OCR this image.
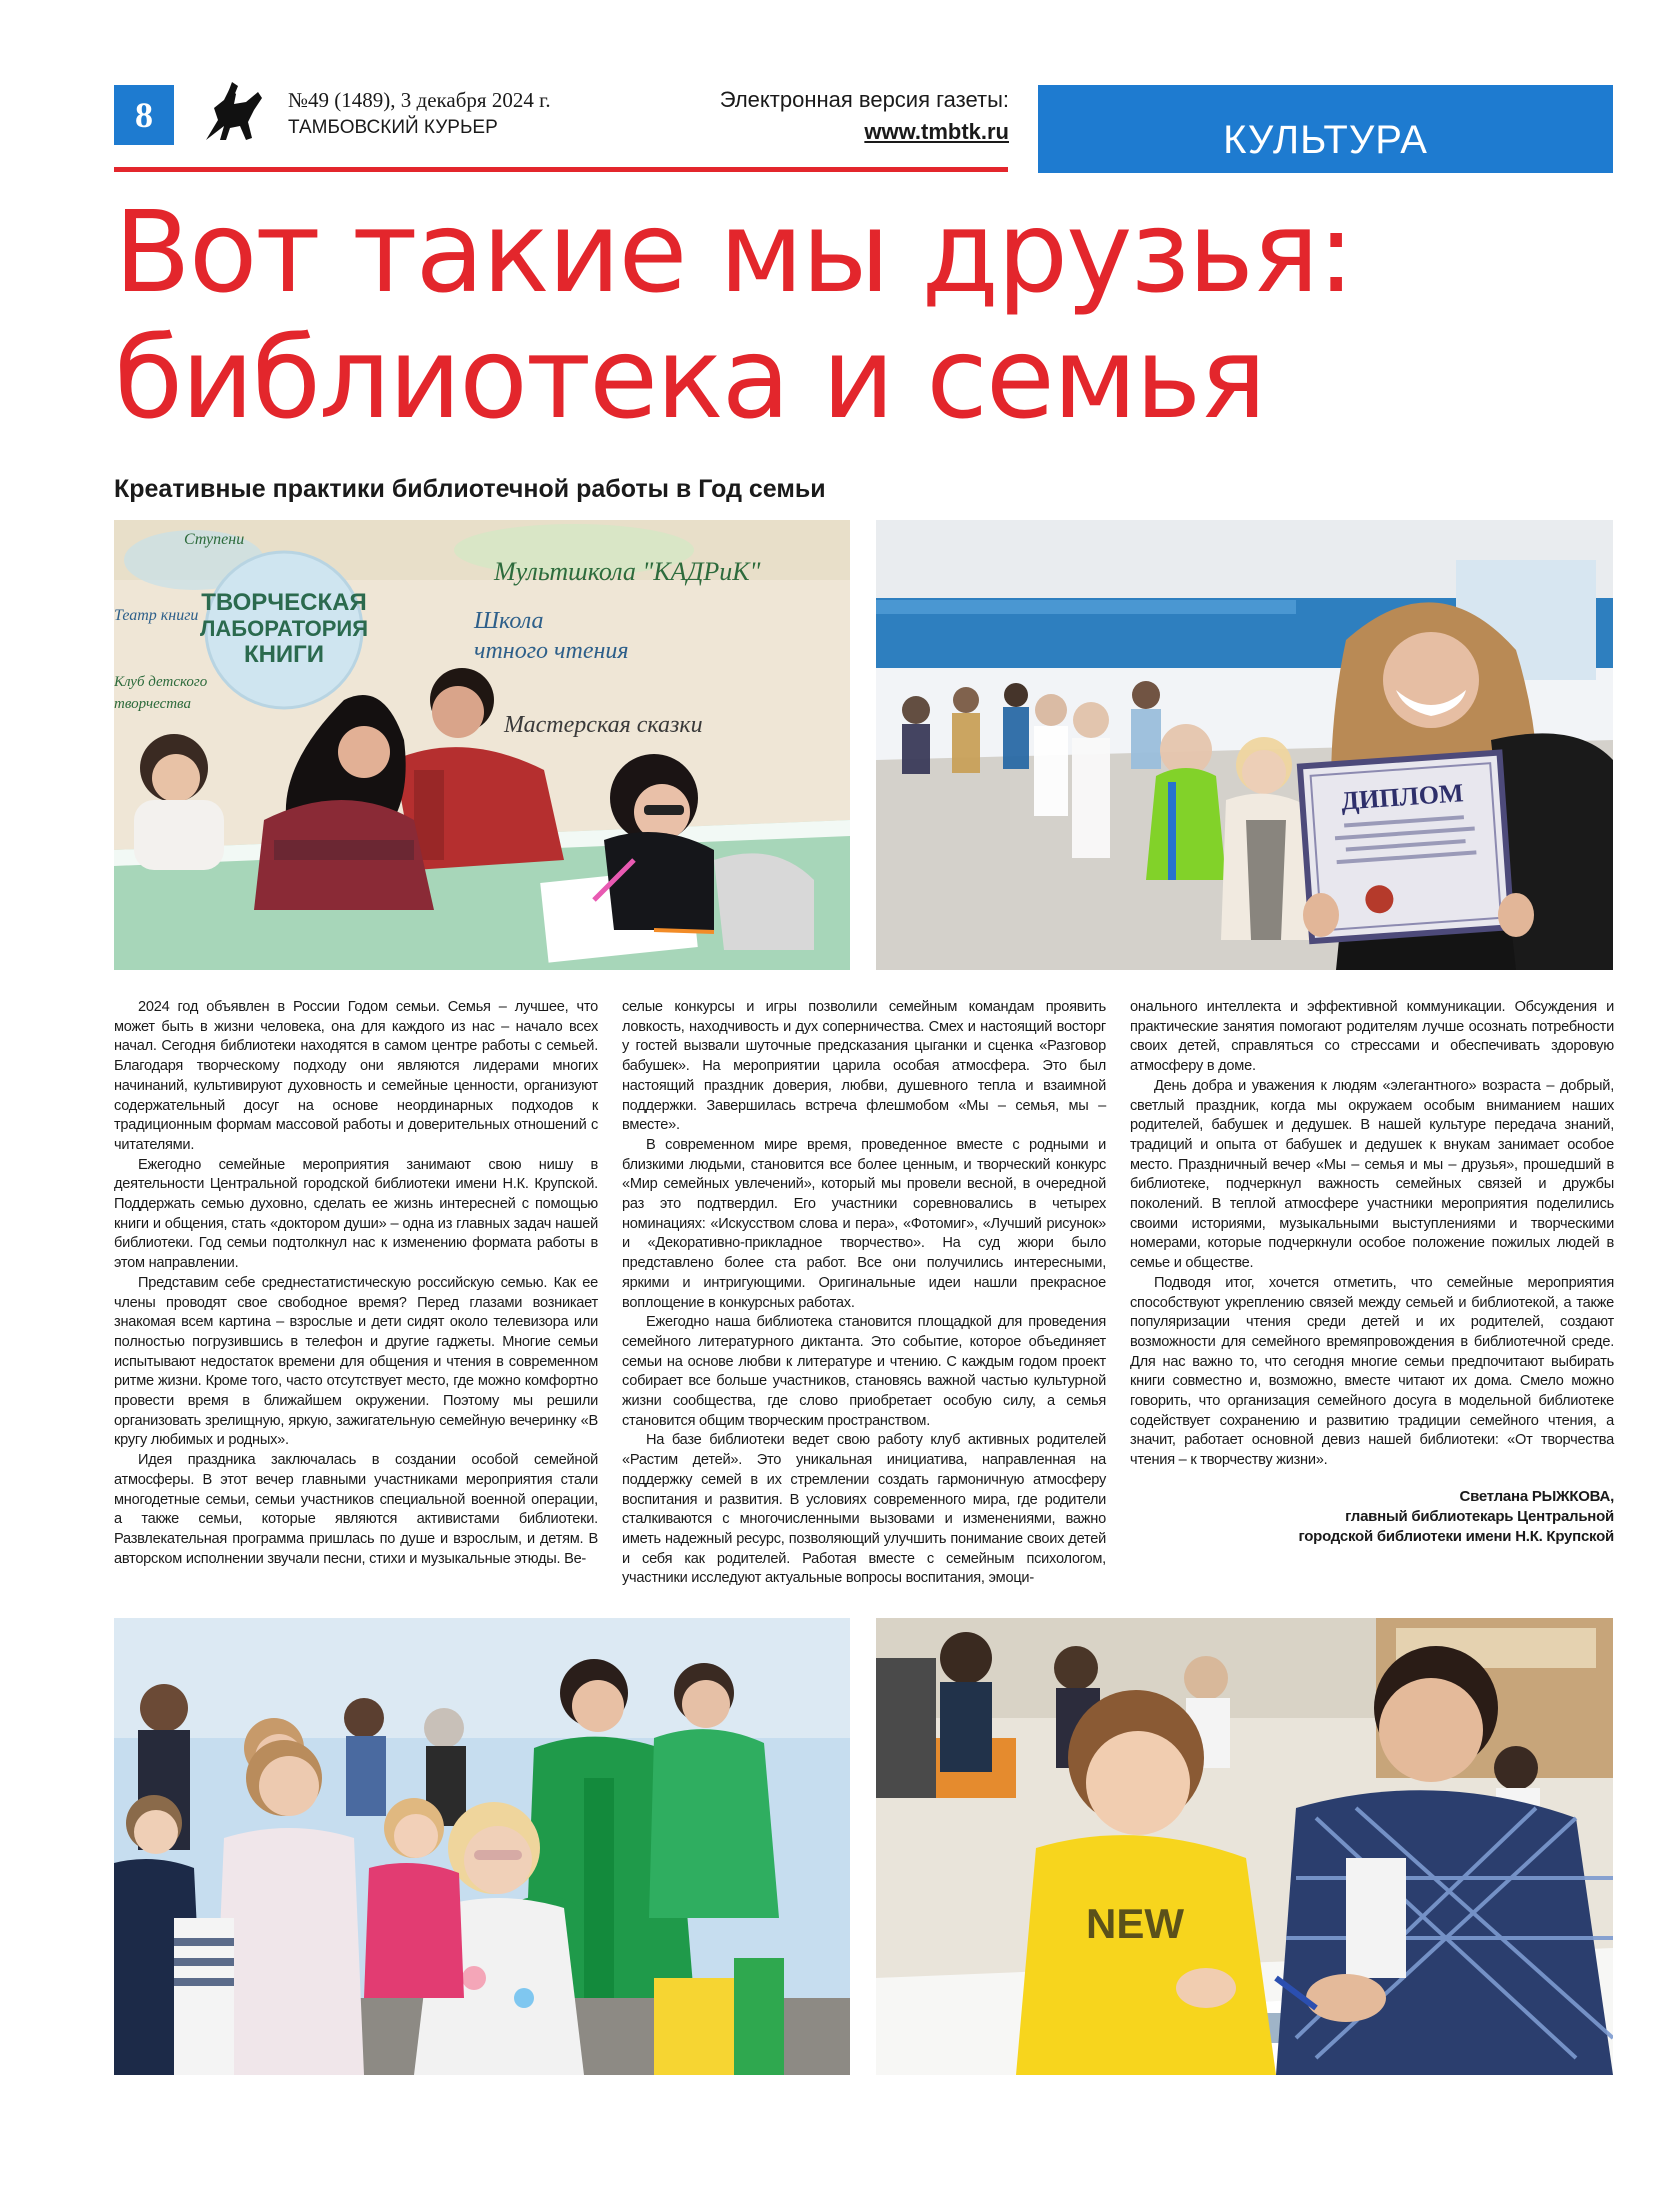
8	№49 (1489), 3 декабря 2024 г.
ТАМБОВСКИЙ КУРЬЕР
Электронная версия газеты:
www.tmbtk.ru	КУЛЬТУРА
Вот такие мы друзья:
библиотека и семья
Креативные практики библиотечной работы в Год семьи
ТВОРЧЕСКАЯ
ЛАБОРАТОРИЯ
КНИГИ
Мультшкола "КАДРиК"
Школа
чтного чтения
Мастерская сказки
Ступени
Театр книги
Клуб детского
творчества
ДИПЛОМ

2024 год объявлен в России Годом семьи. Семья – лучшее, что может быть в жизни человека, она для каждого из нас – начало всех начал. Сегодня библиотеки находятся в самом центре работы с семьей. Благодаря творческому подходу они являются лидерами многих начинаний, культивируют духовность и семейные ценности, организуют содержательный досуг на основе неординарных подходов к традиционным формам массовой работы и доверительных отношений с читателями.

Ежегодно семейные мероприятия занимают свою нишу в деятельности Центральной городской библиотеки имени Н.К. Крупской. Поддержать семью духовно, сделать ее жизнь интересней с помощью книги и общения, стать «доктором души» – одна из главных задач нашей библиотеки. Год семьи подтолкнул нас к изменению формата работы в этом направлении.

Представим себе среднестатистическую российскую семью. Как ее члены проводят свое свободное время? Перед глазами возникает знакомая всем картина – взрослые и дети сидят около телевизора или полностью погрузившись в телефон и другие гаджеты. Многие семьи испытывают недостаток времени для общения и чтения в современном ритме жизни. Кроме того, часто отсутствует место, где можно комфортно провести время в ближайшем окружении. Поэтому мы решили организовать зрелищную, яркую, зажигательную семейную вечеринку «В кругу любимых и родных».

Идея праздника заключалась в создании особой семейной атмосферы. В этот вечер главными участниками мероприятия стали многодетные семьи, семьи участников специальной военной операции, а также семьи, которые являются активистами библиотеки. Развлекательная программа пришлась по душе и взрослым, и детям. В авторском исполнении звучали песни, стихи и музыкальные этюды. Ве-

селые конкурсы и игры позволили семейным командам проявить ловкость, находчивость и дух соперничества. Смех и настоящий восторг у гостей вызвали шуточные предсказания цыганки и сценка «Разговор бабушек». На мероприятии царила особая атмосфера. Это был настоящий праздник доверия, любви, душевного тепла и взаимной поддержки. Завершилась встреча флешмобом «Мы – семья, мы – вместе».

В современном мире время, проведенное вместе с родными и близкими людьми, становится все более ценным, и творческий конкурс «Мир семейных увлечений», который мы провели весной, в очередной раз это подтвердил. Его участники соревновались в четырех номинациях: «Искусством слова и пера», «Фотомиг», «Лучший рисунок» и «Декоративно-прикладное творчество». На суд жюри было представлено более ста работ. Все они получились интересными, яркими и интригующими. Оригинальные идеи нашли прекрасное воплощение в конкурсных работах.

Ежегодно наша библиотека становится площадкой для проведения семейного литературного диктанта. Это событие, которое объединяет семьи на основе любви к литературе и чтению. С каждым годом проект собирает все больше участников, становясь важной частью культурной жизни сообщества, где слово приобретает особую силу, а семья становится общим творческим пространством.

На базе библиотеки ведет свою работу клуб активных родителей «Растим детей». Это уникальная инициатива, направленная на поддержку семей в их стремлении создать гармоничную атмосферу воспитания и развития. В условиях современного мира, где родители сталкиваются с многочисленными вызовами и изменениями, важно иметь надежный ресурс, позволяющий улучшить понимание своих детей и себя как родителей. Работая вместе с семейным психологом, участники исследуют актуальные вопросы воспитания, эмоци-

онального интеллекта и эффективной коммуникации. Обсуждения и практические занятия помогают родителям лучше осознать потребности своих детей, справляться со стрессами и обеспечивать здоровую атмосферу в доме.

День добра и уважения к людям «элегантного» возраста – добрый, светлый праздник, когда мы окружаем особым вниманием наших родителей, бабушек и дедушек. В нашей культуре передача знаний, традиций и опыта от бабушек и дедушек к внукам занимает особое место. Праздничный вечер «Мы – семья и мы – друзья», прошедший в библиотеке, подчеркнул важность семейных связей и дружбы поколений. В теплой атмосфере участники мероприятия поделились своими историями, музыкальными выступлениями и творческими номерами, которые подчеркнули особое положение пожилых людей в семье и обществе.

Подводя итог, хочется отметить, что семейные мероприятия способствуют укреплению связей между семьей и библиотекой, а также популяризации чтения среди детей и их родителей, создают возможности для семейного времяпровождения в библиотечной среде. Для нас важно то, что сегодня многие семьи предпочитают выбирать книги совместно и, возможно, вместе читают их дома. Смело можно говорить, что организация семейного досуга в модельной библиотеке содействует сохранению и развитию традиции семейного чтения, а значит, работает основной девиз нашей библиотеки: «От творчества чтения – к творчеству жизни».

Светлана РЫЖКОВА,
главный библиотекарь Центральной
городской библиотеки имени Н.К. Крупской
NEW
